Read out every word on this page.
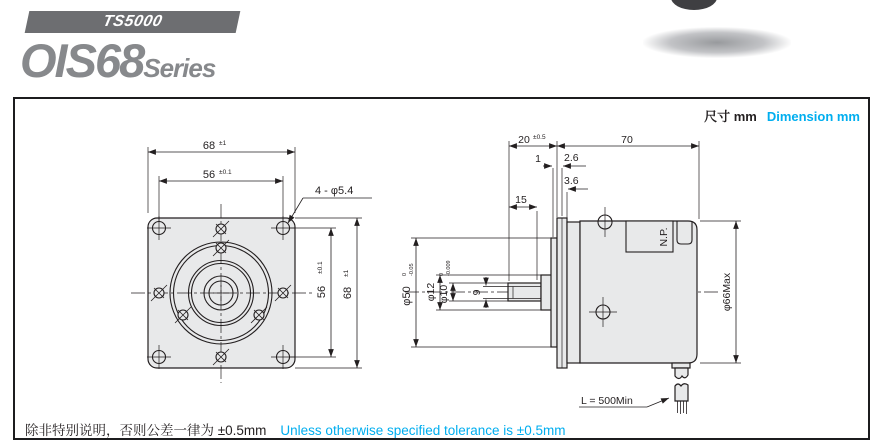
TS5000
OIS68Series
尺寸 mm Dimension mm
除非特别说明，否则公差一律为 ±0.5mm Unless otherwise specified tolerance is ±0.5mm
68 ±1
56 ±0.1
4 - φ5.4
56
±0.1
68
±1
N.P.
20 ±0.5	70
1 2.6
3.6
15
φ50
0 -0.05
φ12 φ10
0 -0.009
9	φ66Max
L = 500Min
